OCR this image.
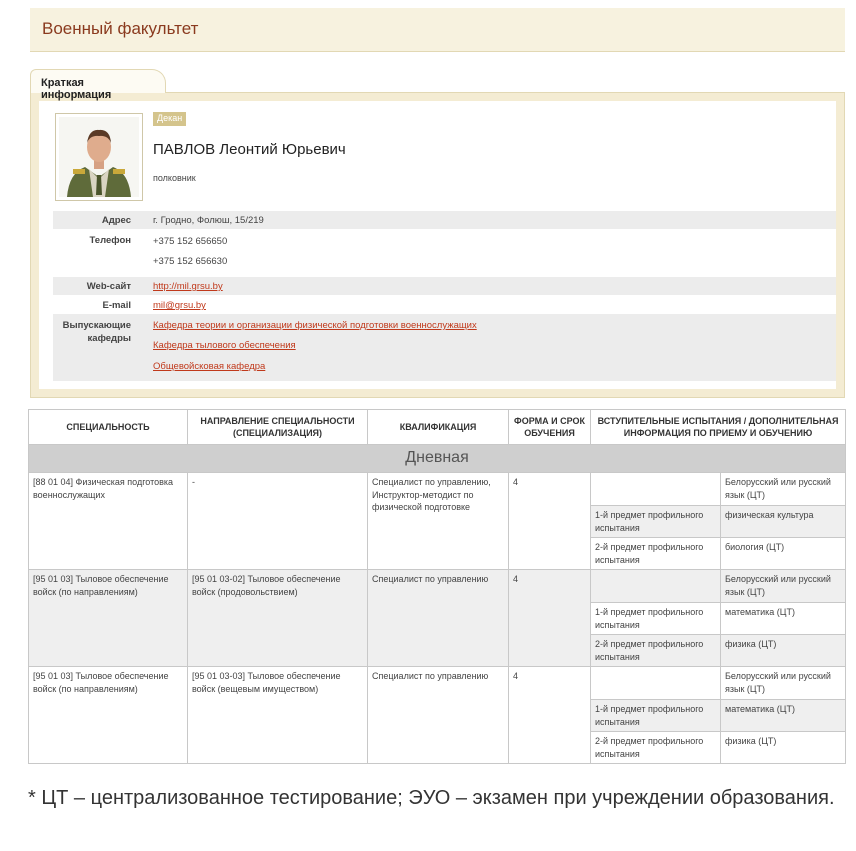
Военный факультет
Краткая информация
Декан
ПАВЛОВ Леонтий Юрьевич
полковник
Адрес г. Гродно, Фолюш, 15/219
Телефон +375 152 656650
+375 152 656630
Web-сайт http://mil.grsu.by
E-mail mil@grsu.by
Выпускающие кафедры
Кафедра теории и организации физической подготовки военнослужащих
Кафедра тылового обеспечения
Общевойсковая кафедра
СПЕЦИАЛЬНОСТЬ	НАПРАВЛЕНИЕ СПЕЦИАЛЬНОСТИ (СПЕЦИАЛИЗАЦИЯ)	КВАЛИФИКАЦИЯ	ФОРМА И СРОК ОБУЧЕНИЯ	ВСТУПИТЕЛЬНЫЕ ИСПЫТАНИЯ / ДОПОЛНИТЕЛЬНАЯ ИНФОРМАЦИЯ ПО ПРИЕМУ И ОБУЧЕНИЮ	
Дневная					
[88 01 04] Физическая подготовка военнослужащих	-	Специалист по управлению, Инструктор-методист по физической подготовке	4		Белорусский или русский язык (ЦТ)
				1-й предмет профильного испытания	физическая культура
				2-й предмет профильного испытания	биология (ЦТ)
[95 01 03] Тыловое обеспечение войск (по направлениям)	[95 01 03-02] Тыловое обеспечение войск (продовольствием)	Специалист по управлению	4		Белорусский или русский язык (ЦТ)
				1-й предмет профильного испытания	математика (ЦТ)
				2-й предмет профильного испытания	физика (ЦТ)
[95 01 03] Тыловое обеспечение войск (по направлениям)	[95 01 03-03] Тыловое обеспечение войск (вещевым имуществом)	Специалист по управлению	4		Белорусский или русский язык (ЦТ)
				1-й предмет профильного испытания	математика (ЦТ)
				2-й предмет профильного испытания	физика (ЦТ)
* ЦТ – централизованное тестирование; ЭУО – экзамен при учреждении образования.
